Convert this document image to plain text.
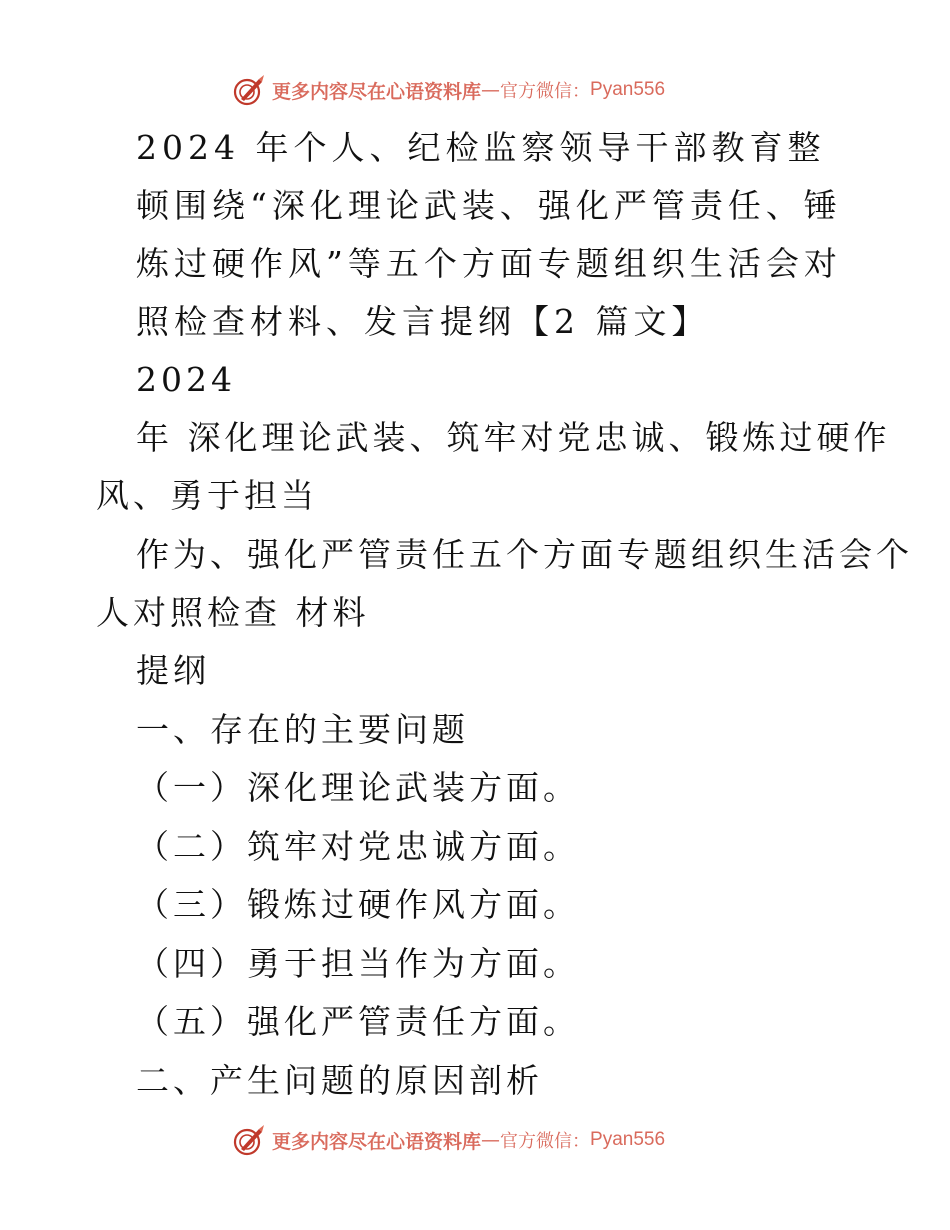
更多内容尽在心语资料库 — 官方微信： Pyan556
2024 年个人、纪检监察领导干部教育整
顿围绕“深化理论武装、强化严管责任、锤
炼过硬作风”等五个方面专题组织生活会对
照检查材料、发言提纲【2 篇文】
2024
年 深化理论武装、筑牢对党忠诚、锻炼过硬作
风、勇于担当
作为、强化严管责任五个方面专题组织生活会个
人对照检查 材料
提纲
一、存在的主要问题
（一）深化理论武装方面。
（二）筑牢对党忠诚方面。
（三）锻炼过硬作风方面。
（四）勇于担当作为方面。
（五）强化严管责任方面。
二、产生问题的原因剖析
更多内容尽在心语资料库 — 官方微信： Pyan556
